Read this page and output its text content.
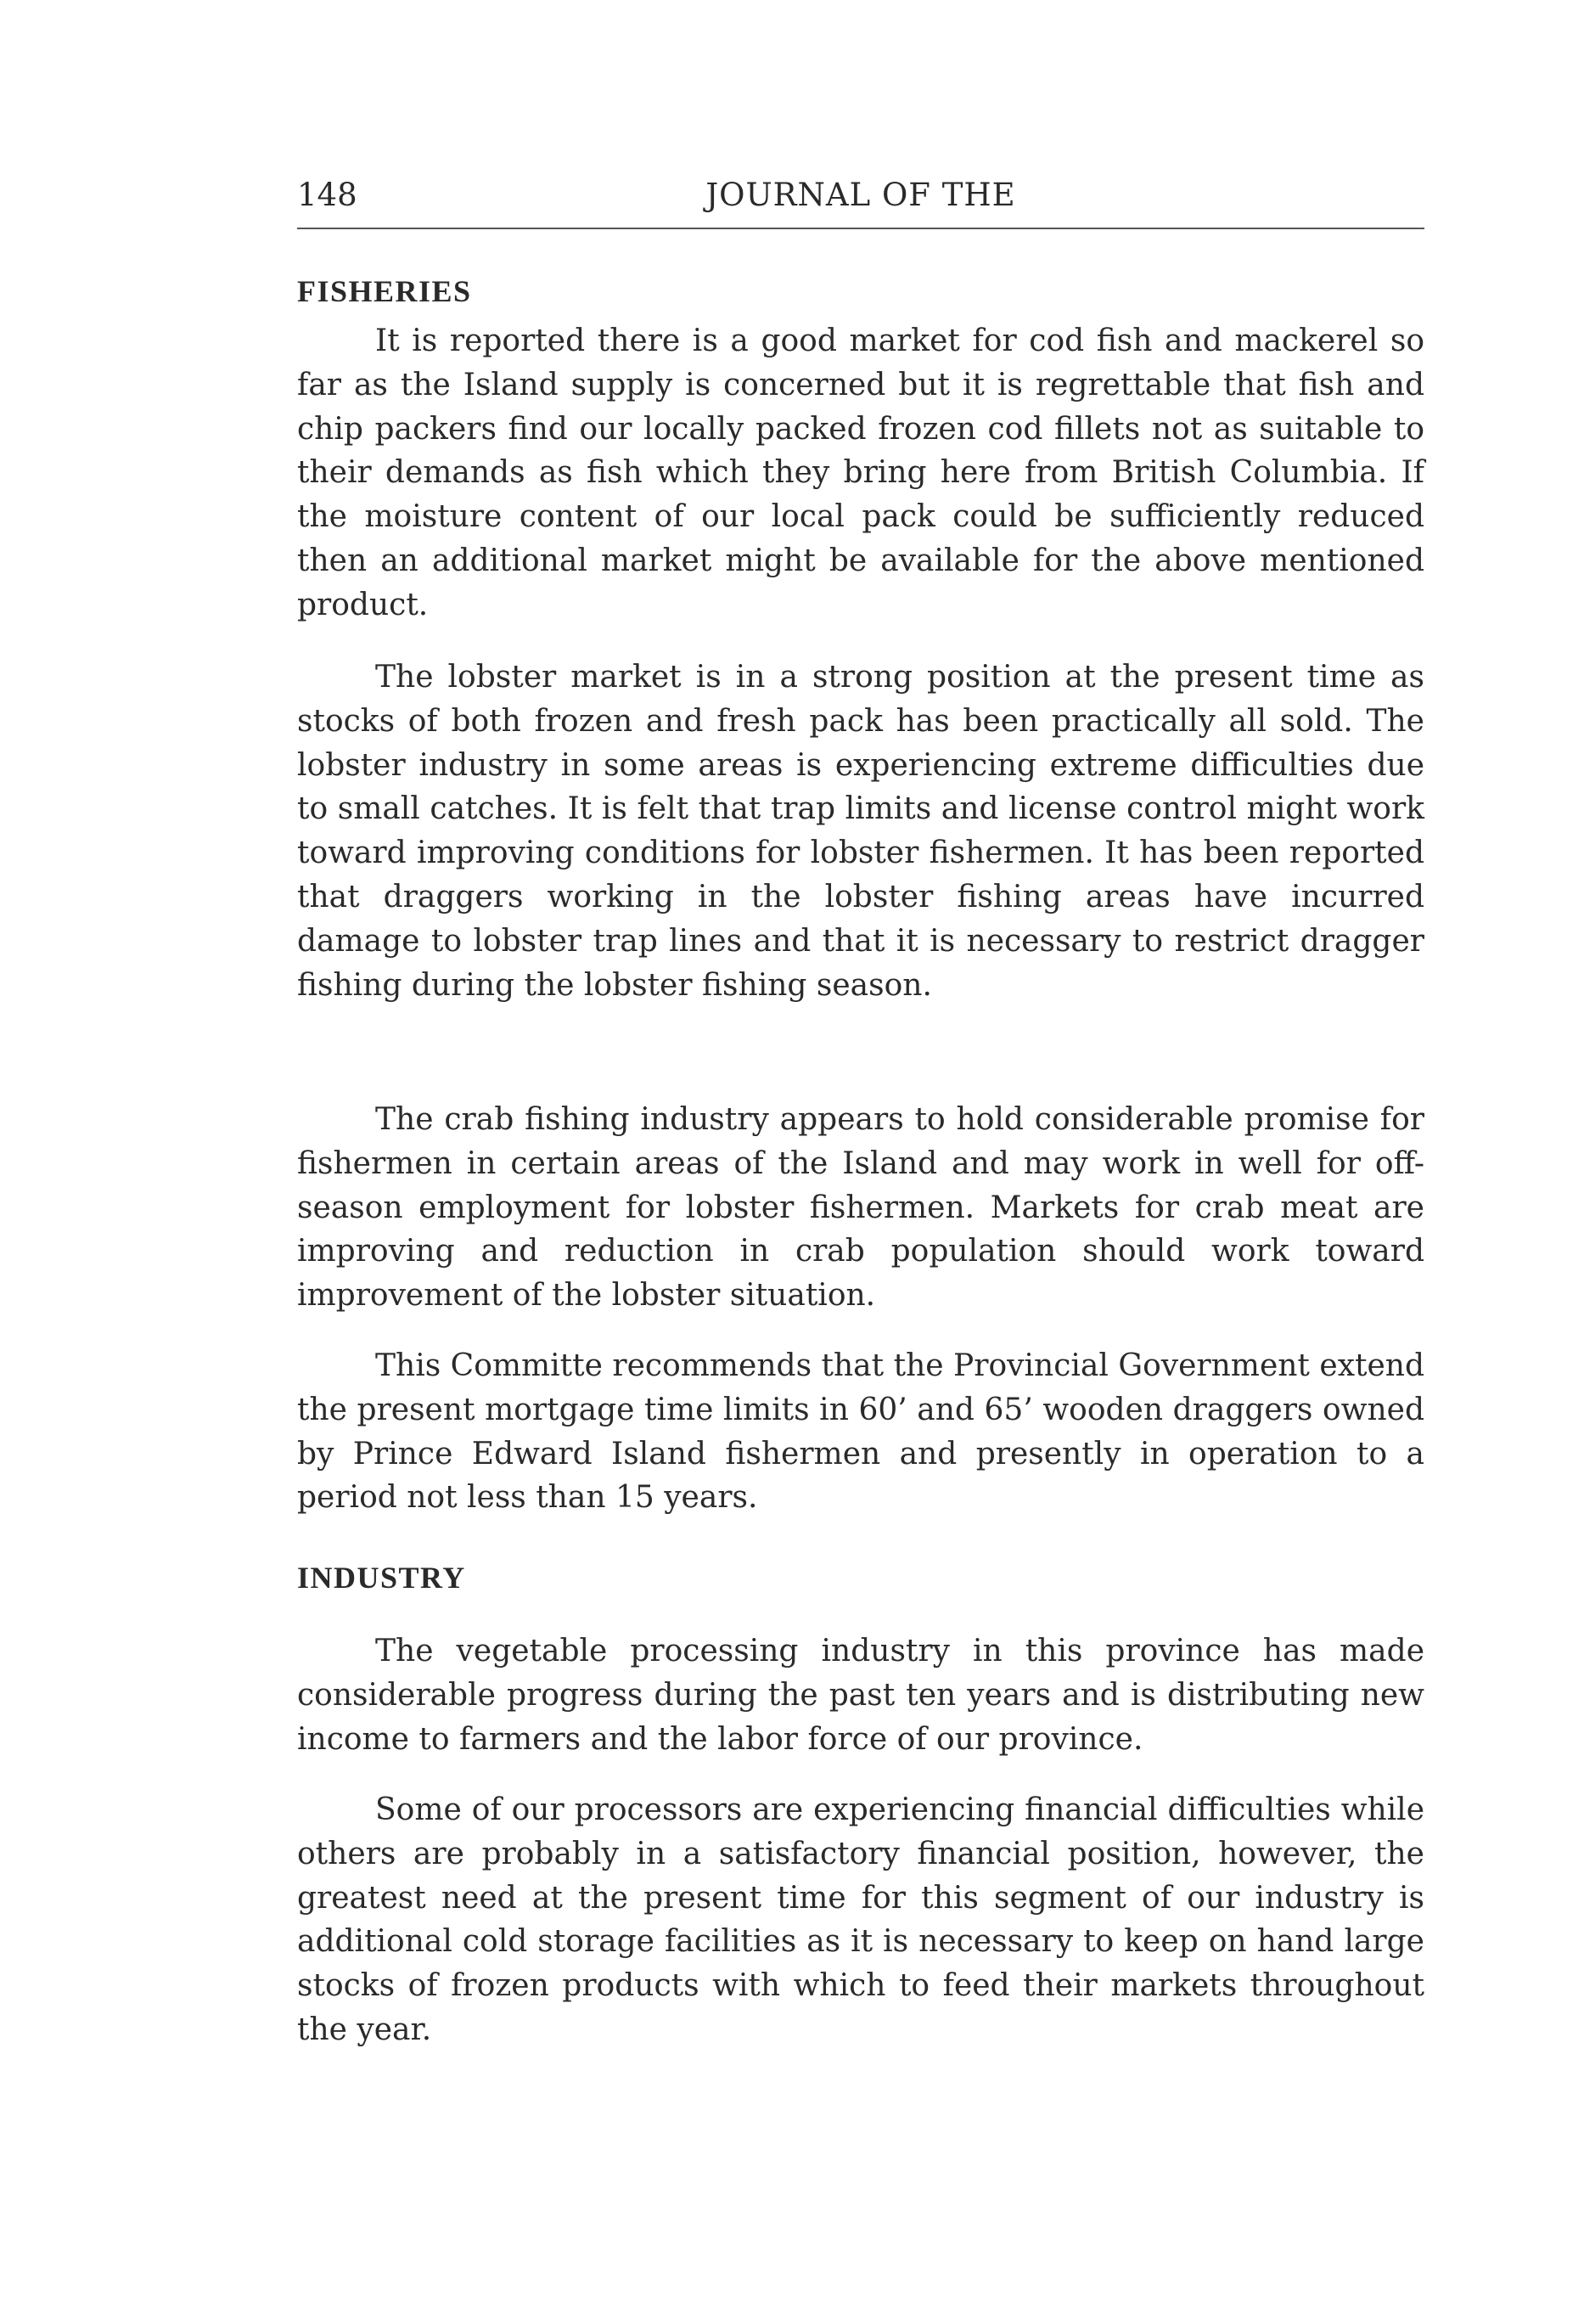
148	JOURNAL OF THE
FISHERIES

It is reported there is a good market for cod fish and mackerel so far as the Island supply is concerned but it is regrettable that fish and chip packers find our locally packed frozen cod fillets not as suitable to their demands as fish which they bring here from British Columbia. If the moisture content of our local pack could be sufficiently reduced then an additional market might be available for the above mentioned product.

The lobster market is in a strong position at the present time as stocks of both frozen and fresh pack has been practically all sold. The lobster industry in some areas is experiencing extreme difficulties due to small catches. It is felt that trap limits and license control might work toward improving conditions for lobster fishermen. It has been reported that draggers working in the lobster fishing areas have incurred damage to lobster trap lines and that it is necessary to restrict dragger fishing during the lobster fishing season.

The crab fishing industry appears to hold considerable promise for fishermen in certain areas of the Island and may work in well for off-season employment for lobster fishermen. Markets for crab meat are improving and reduction in crab population should work toward improvement of the lobster situation.

This Committe recommends that the Provincial Government extend the present mortgage time limits in 60’ and 65’ wooden draggers owned by Prince Edward Island fishermen and presently in operation to a period not less than 15 years.

INDUSTRY

The vegetable processing industry in this province has made considerable progress during the past ten years and is distributing new income to farmers and the labor force of our province.

Some of our processors are experiencing financial difficulties while others are probably in a satisfactory financial position, however, the greatest need at the present time for this segment of our industry is additional cold storage facilities as it is necessary to keep on hand large stocks of frozen products with which to feed their markets throughout the year.
